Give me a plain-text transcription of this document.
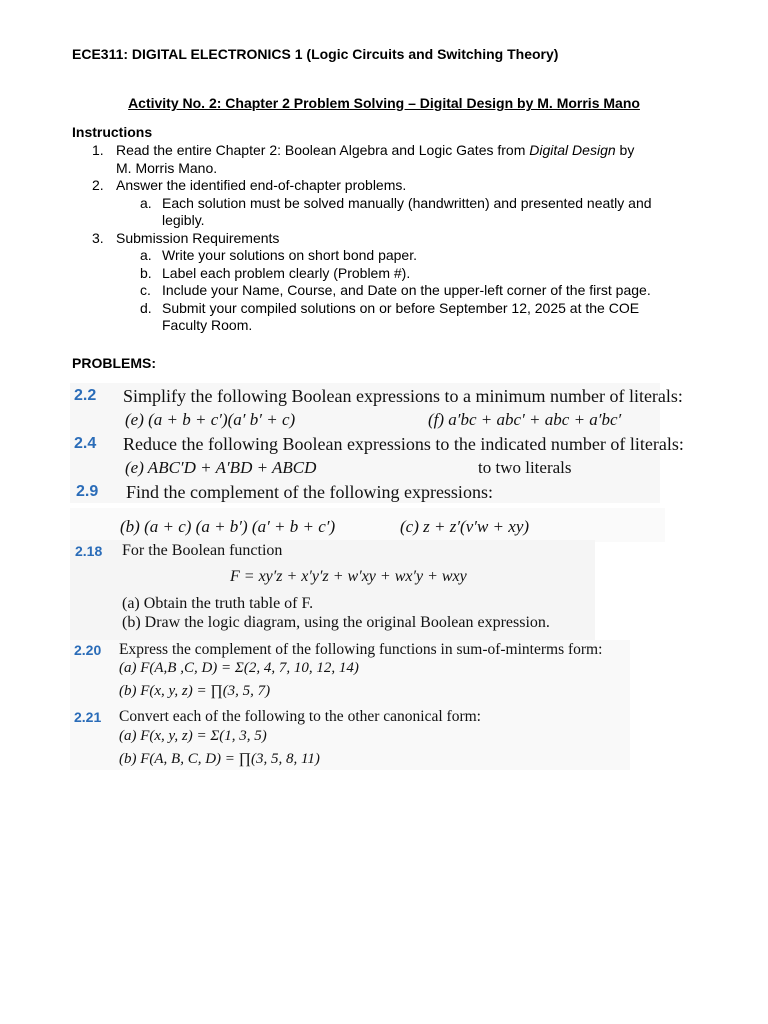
ECE311: DIGITAL ELECTRONICS 1 (Logic Circuits and Switching Theory)
Activity No. 2: Chapter 2 Problem Solving – Digital Design by M. Morris Mano
Instructions
1. Read the entire Chapter 2: Boolean Algebra and Logic Gates from Digital Design by
M. Morris Mano.
2. Answer the identified end-of-chapter problems.
a. Each solution must be solved manually (handwritten) and presented neatly and
legibly.
3. Submission Requirements
a. Write your solutions on short bond paper.
b. Label each problem clearly (Problem #).
c. Include your Name, Course, and Date on the upper-left corner of the first page.
d. Submit your compiled solutions on or before September 12, 2025 at the COE
Faculty Room.
PROBLEMS:
2.2 Simplify the following Boolean expressions to a minimum number of literals:
(e) (a + b + c′)(a′ b′ + c)	(f) a′bc + abc′ + abc + a′bc′
2.4 Reduce the following Boolean expressions to the indicated number of literals:
(e) ABC′D + A′BD + ABCD	to two literals
2.9 Find the complement of the following expressions:
(b) (a + c) (a + b′) (a′ + b + c′)	(c) z + z′(v′w + xy)
2.18 For the Boolean function
F = xy′z + x′y′z + w′xy + wx′y + wxy
(a) Obtain the truth table of F.
(b) Draw the logic diagram, using the original Boolean expression.
2.20 Express the complement of the following functions in sum-of-minterms form:
(a) F(A,B ,C, D) = Σ(2, 4, 7, 10, 12, 14)
(b) F(x, y, z) = ∏(3, 5, 7)
2.21 Convert each of the following to the other canonical form:
(a) F(x, y, z) = Σ(1, 3, 5)
(b) F(A, B, C, D) = ∏(3, 5, 8, 11)
